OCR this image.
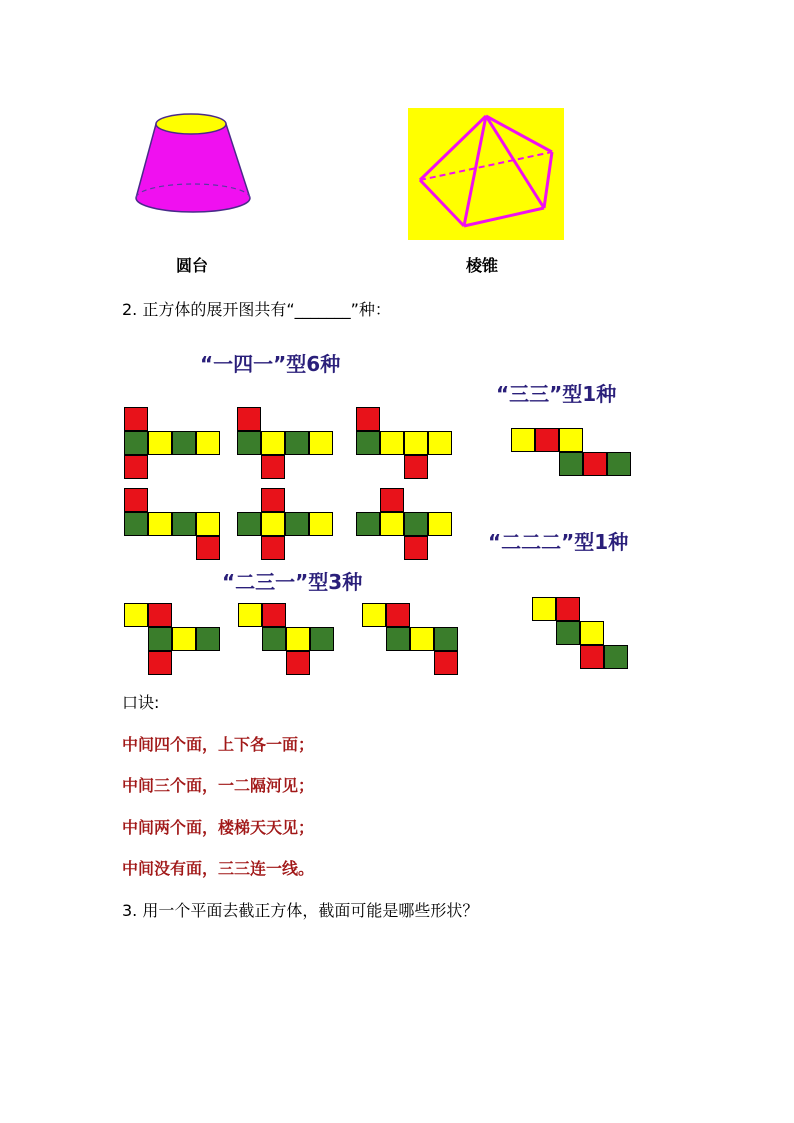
圆台	棱锥
2. 正方体的展开图共有“_______”种：
“一四一”型6种
“三三”型1种
“二二二”型1种
“二三一”型3种
口诀:
中间四个面，上下各一面；
中间三个面，一二隔河见；
中间两个面，楼梯天天见；
中间没有面，三三连一线。
3. 用一个平面去截正方体，截面可能是哪些形状？
